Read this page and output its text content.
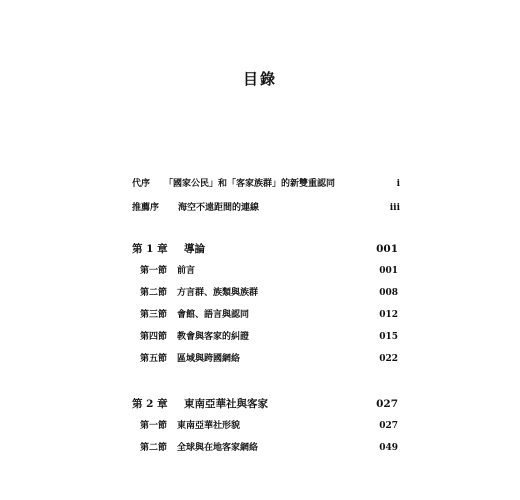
目錄
代序 「國家公民」和「客家族群」的新雙重認同	i
推薦序 海空不遠距間的連線	iii
第 1 章 導論	001
第一節 前言	001
第二節 方言群、族類與族群	008
第三節 會館、語言與認同	012
第四節 教會與客家的糾證	015
第五節 區域與跨國網絡	022
第 2 章 東南亞華社與客家	027
第一節 東南亞華社形貌	027
第二節 全球與在地客家網絡	049
